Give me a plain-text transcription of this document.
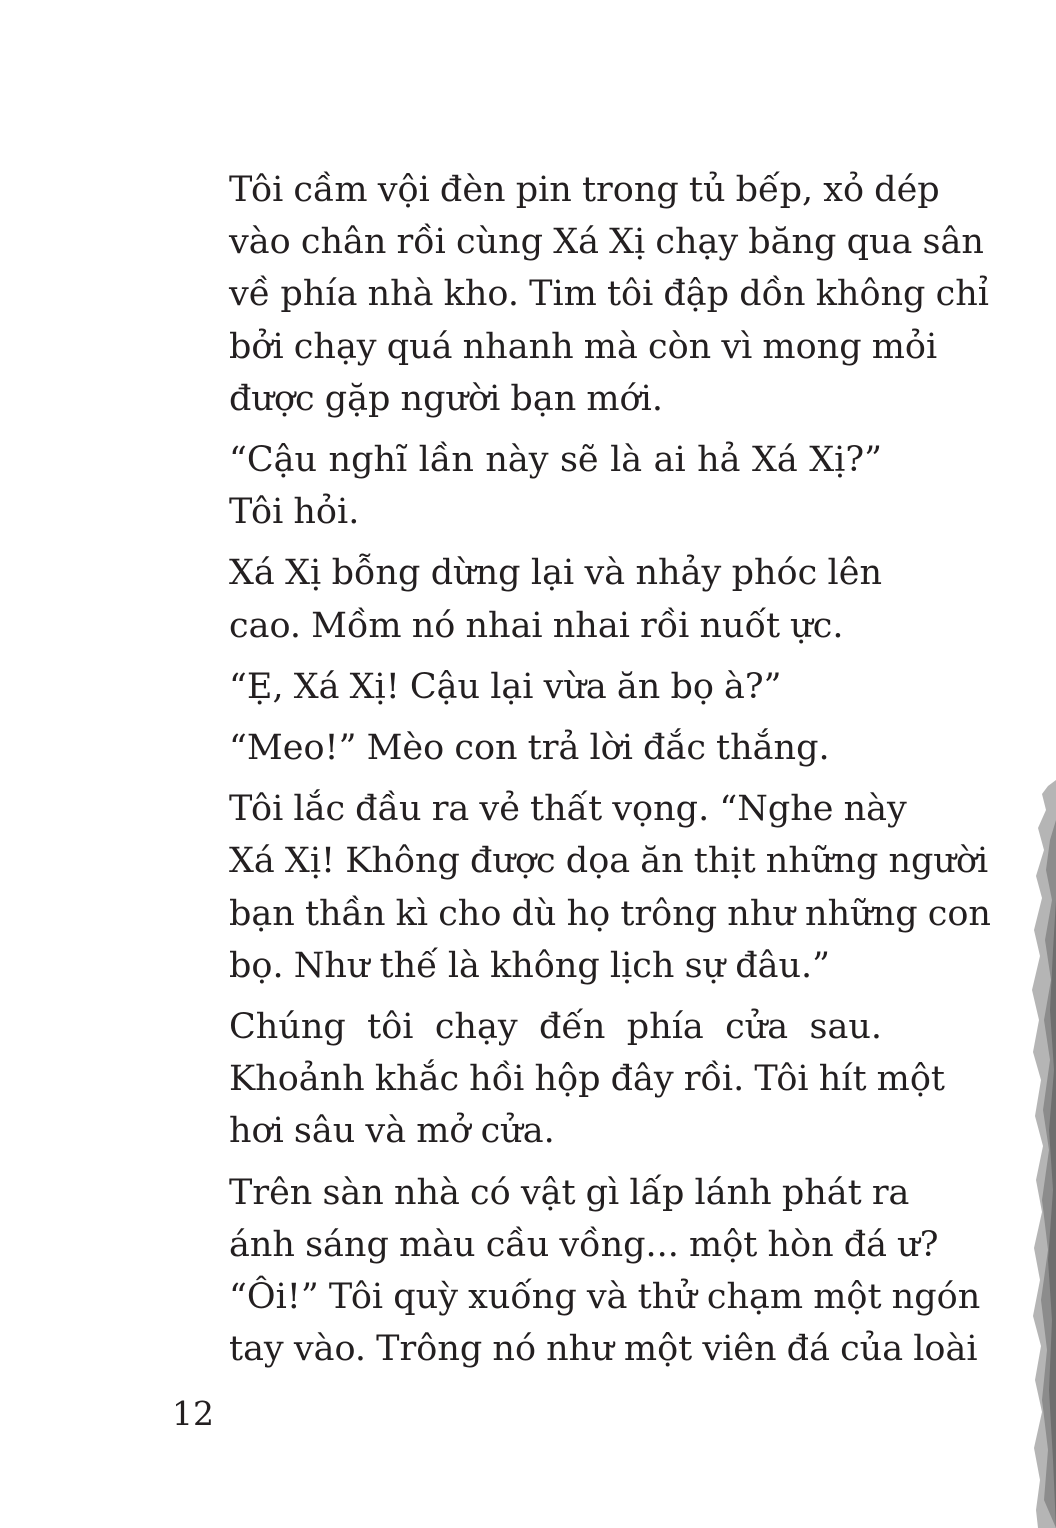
Tôi cầm vội đèn pin trong tủ bếp, xỏ dép
vào chân rồi cùng Xá Xị chạy băng qua sân
về phía nhà kho. Tim tôi đập dồn không chỉ
bởi chạy quá nhanh mà còn vì mong mỏi
được gặp người bạn mới.

“Cậu nghĩ lần này sẽ là ai hả Xá Xị?”
Tôi hỏi.

Xá Xị bỗng dừng lại và nhảy phóc lên
cao. Mồm nó nhai nhai rồi nuốt ực.

“Ẹ, Xá Xị! Cậu lại vừa ăn bọ à?”

“Meo!” Mèo con trả lời đắc thắng.

Tôi lắc đầu ra vẻ thất vọng. “Nghe này
Xá Xị! Không được dọa ăn thịt những người
bạn thần kì cho dù họ trông như những con
bọ. Như thế là không lịch sự đâu.”

Chúng tôi chạy đến phía cửa sau.
Khoảnh khắc hồi hộp đây rồi. Tôi hít một
hơi sâu và mở cửa.

Trên sàn nhà có vật gì lấp lánh phát ra
ánh sáng màu cầu vồng... một hòn đá ư?
“Ôi!” Tôi quỳ xuống và thử chạm một ngón
tay vào. Trông nó như một viên đá của loài

12
